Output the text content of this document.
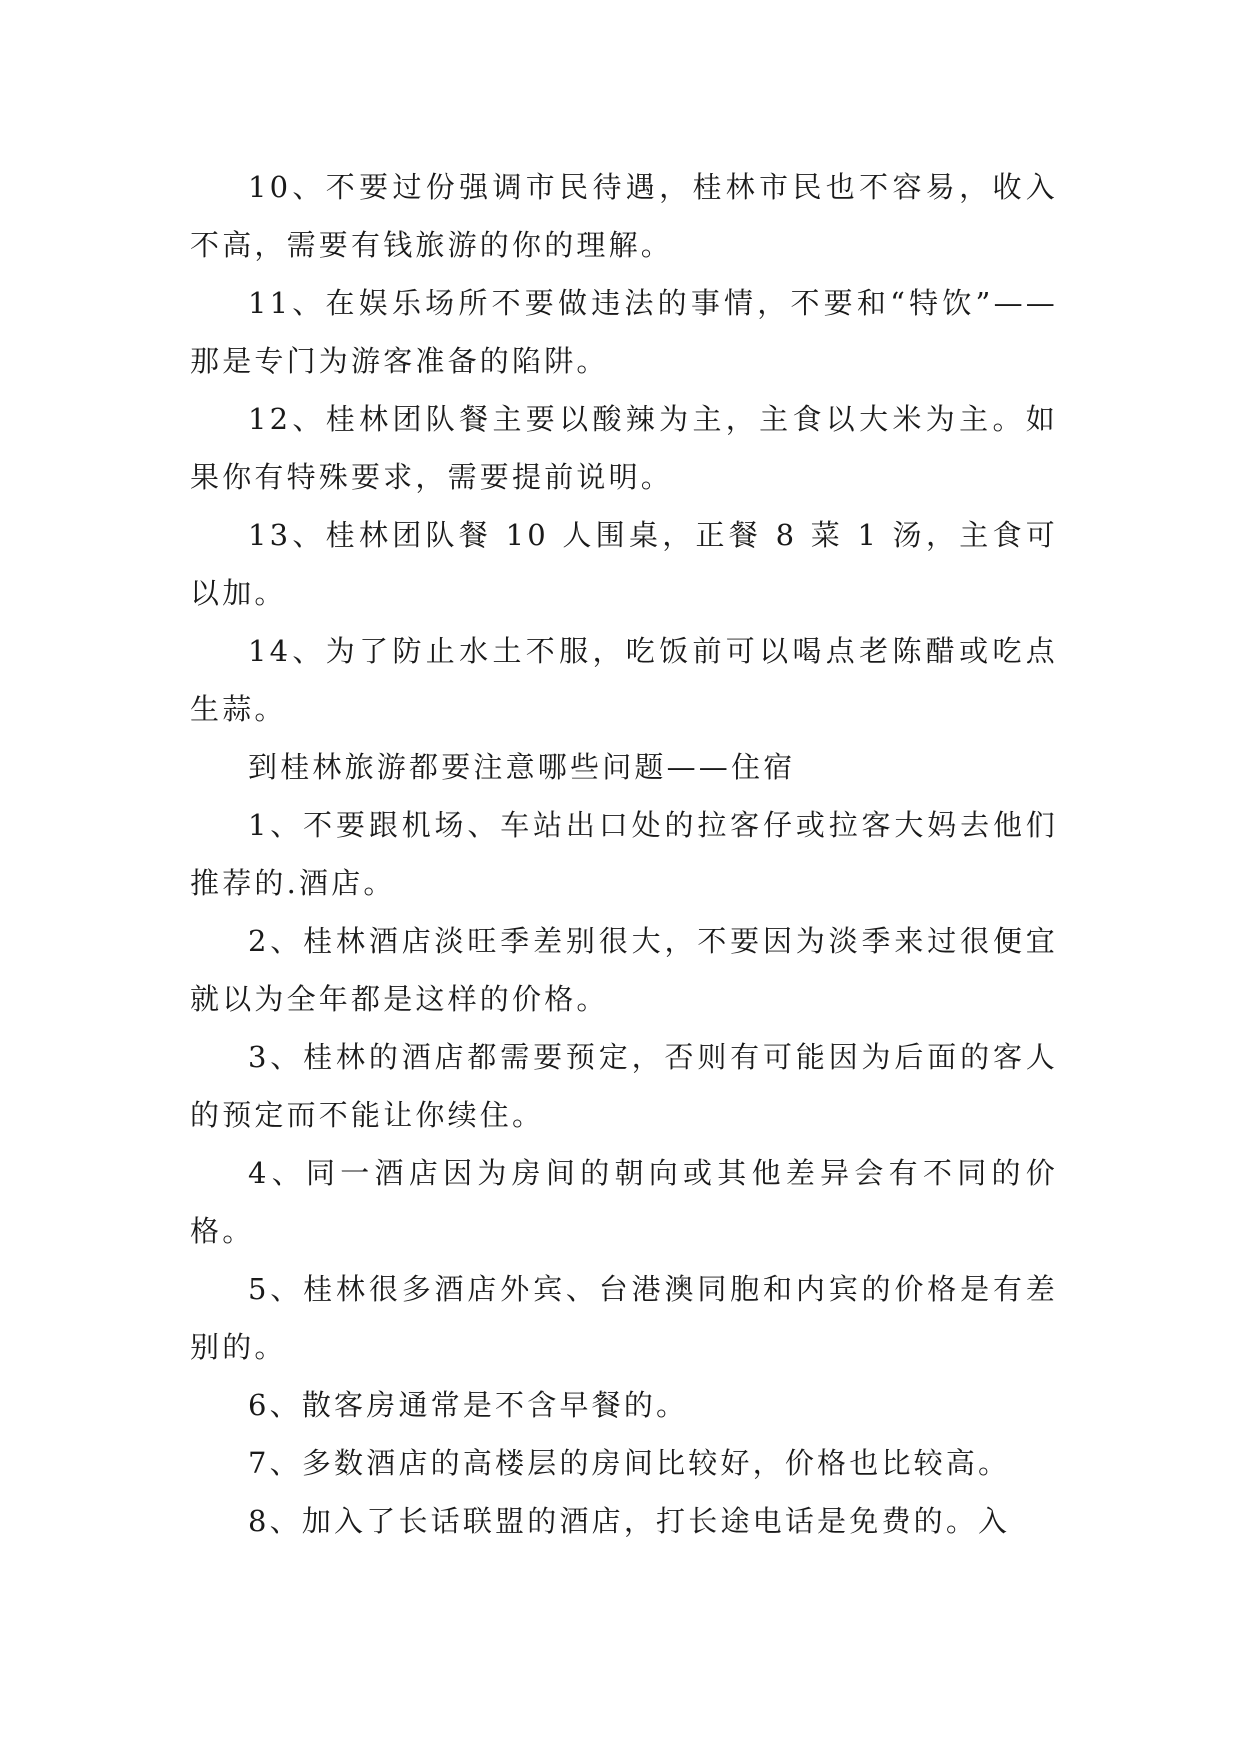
10、不要过份强调市民待遇，桂林市民也不容易，收入不高，需要有钱旅游的你的理解。

11、在娱乐场所不要做违法的事情，不要和“特饮”——那是专门为游客准备的陷阱。

12、桂林团队餐主要以酸辣为主，主食以大米为主。如果你有特殊要求，需要提前说明。

13、桂林团队餐 10 人围桌，正餐 8 菜 1 汤，主食可以加。

14、为了防止水土不服，吃饭前可以喝点老陈醋或吃点生蒜。

到桂林旅游都要注意哪些问题——住宿

1、不要跟机场、车站出口处的拉客仔或拉客大妈去他们推荐的.酒店。

2、桂林酒店淡旺季差别很大，不要因为淡季来过很便宜就以为全年都是这样的价格。

3、桂林的酒店都需要预定，否则有可能因为后面的客人的预定而不能让你续住。

4、同一酒店因为房间的朝向或其他差异会有不同的价格。

5、桂林很多酒店外宾、台港澳同胞和内宾的价格是有差别的。

6、散客房通常是不含早餐的。

7、多数酒店的高楼层的房间比较好，价格也比较高。

8、加入了长话联盟的酒店，打长途电话是免费的。入
